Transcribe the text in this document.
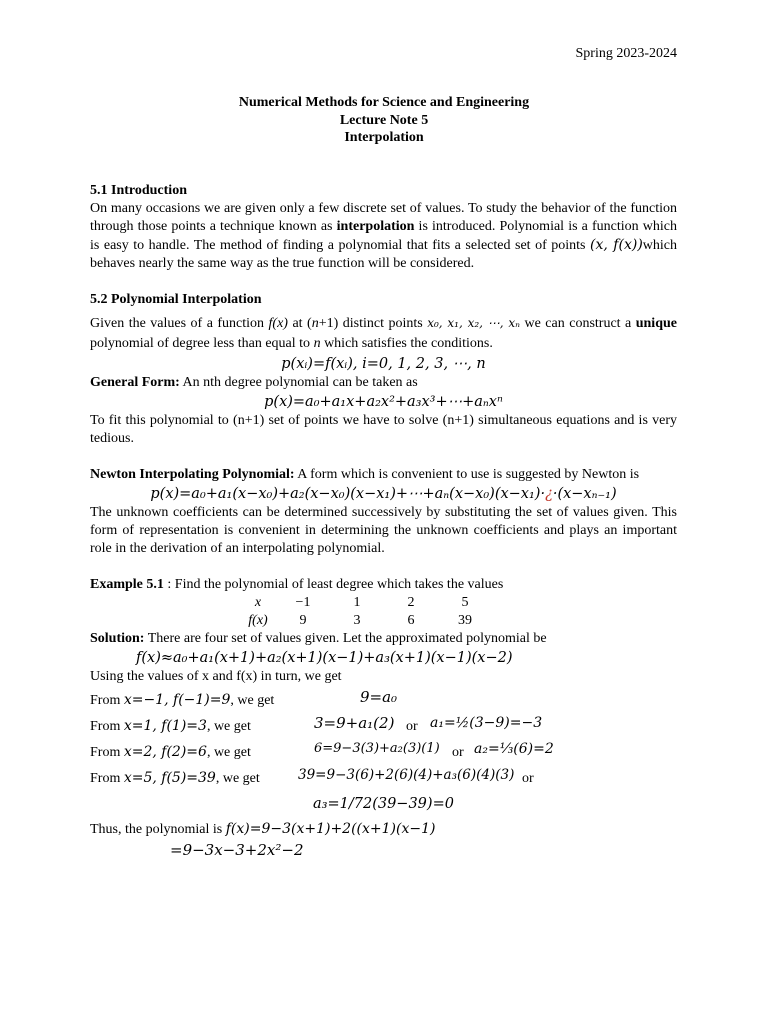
Spring 2023-2024
Numerical Methods for Science and Engineering
Lecture Note 5
Interpolation
5.1 Introduction

On many occasions we are given only a few discrete set of values. To study the behavior of the function through those points a technique known as interpolation is introduced. Polynomial is a function which is easy to handle. The method of finding a polynomial that fits a selected set of points (x, f(x))which behaves nearly the same way as the true function will be considered.

5.2 Polynomial Interpolation

Given the values of a function f(x) at (n+1) distinct points x₀, x₁, x₂, ⋯, xₙ we can construct a unique polynomial of degree less than equal to n which satisfies the conditions.

p(xᵢ)=f(xᵢ), i=0, 1, 2, 3, ⋯, n

General Form: An nth degree polynomial can be taken as

p(x)=a₀+a₁x+a₂x²+a₃x³+⋯+aₙxⁿ

To fit this polynomial to (n+1) set of points we have to solve (n+1) simultaneous equations and is very tedious.

Newton Interpolating Polynomial: A form which is convenient to use is suggested by Newton is

p(x)=a₀+a₁(x−x₀)+a₂(x−x₀)(x−x₁)+⋯+aₙ(x−x₀)(x−x₁)·¿·(x−xₙ₋₁)

The unknown coefficients can be determined successively by substituting the set of values given. This form of representation is convenient in determining the unknown coefficients and plays an important role in the derivation of an interpolating polynomial.

Example 5.1 : Find the polynomial of least degree which takes the values

x	−1	1	2	5
f(x)	9	3	6	39

Solution: There are four set of values given. Let the approximated polynomial be

f(x)≈a₀+a₁(x+1)+a₂(x+1)(x−1)+a₃(x+1)(x−1)(x−2)

Using the values of x and f(x) in turn, we get

From x=−1, f(−1)=9, we get	9=a₀
From x=1, f(1)=3, we get	3=9+a₁(2) or a₁=½(3−9)=−3
From x=2, f(2)=6, we get	6=9−3(3)+a₂(3)(1) or a₂=⅓(6)=2
From x=5, f(5)=39, we get	39=9−3(6)+2(6)(4)+a₃(6)(4)(3) or
a₃=1/72(39−39)=0

Thus, the polynomial is f(x)=9−3(x+1)+2((x+1)(x−1)

=9−3x−3+2x²−2
